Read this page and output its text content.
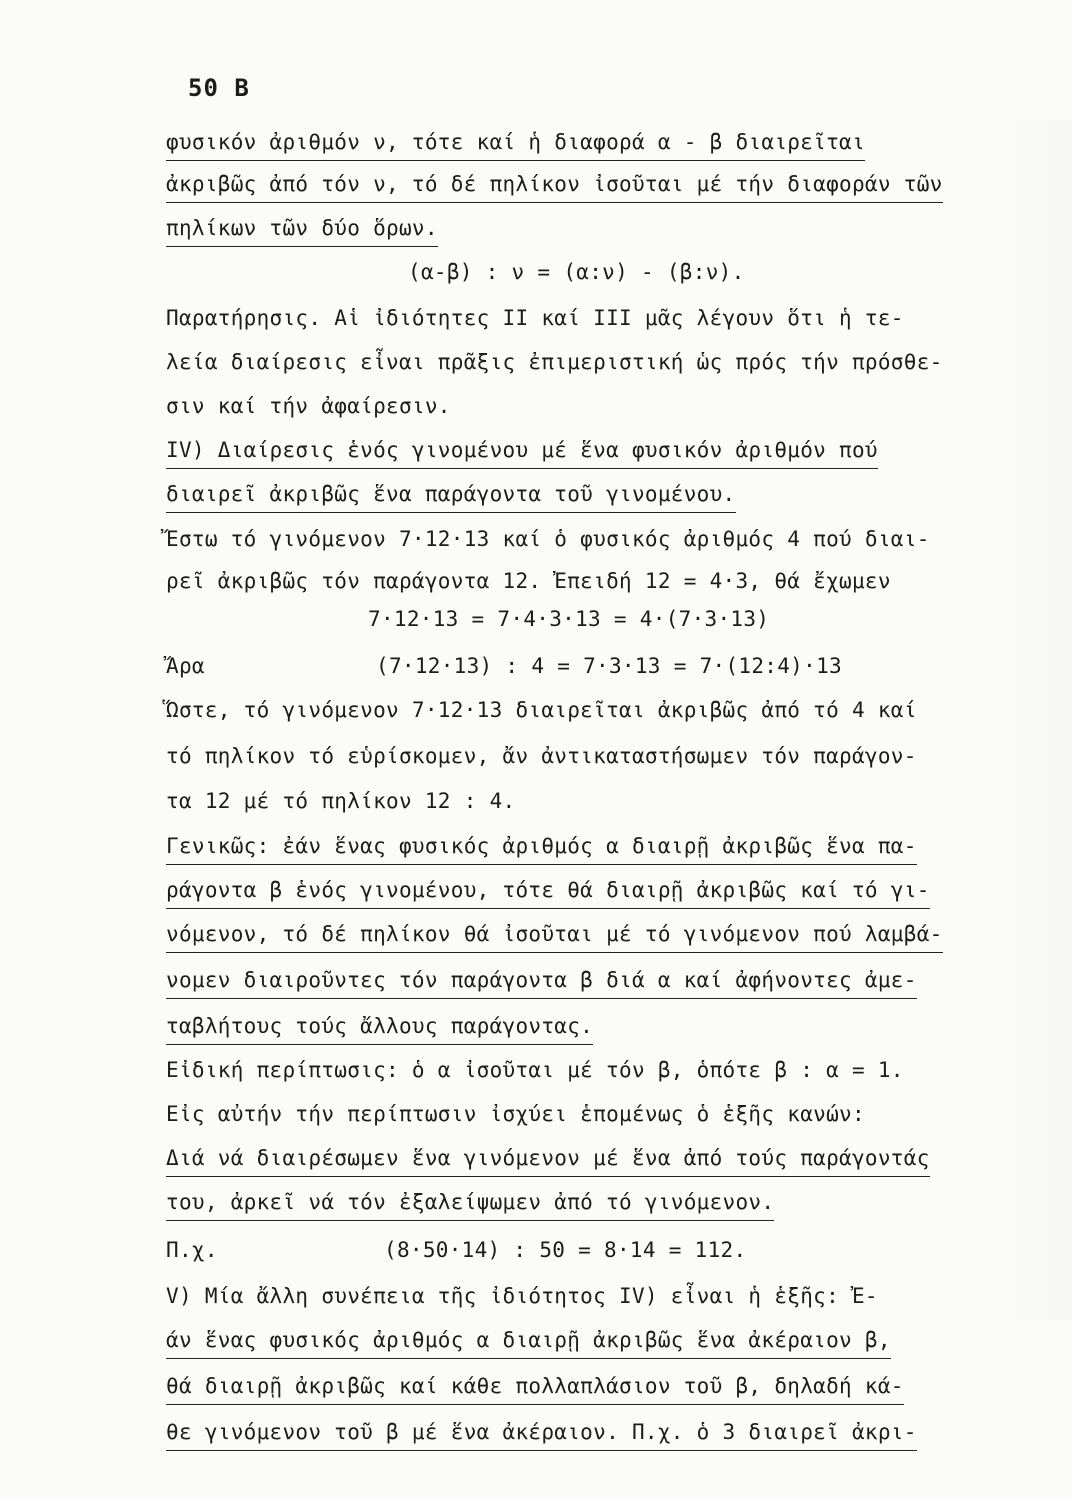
50 B
φυσικόν ἀριθμόν ν, τότε καί ἡ διαφορά α - β διαιρεῖται
ἀκριβῶς ἀπό τόν ν, τό δέ πηλίκον ἰσοῦται μέ τήν διαφοράν τῶν
πηλίκων τῶν δύο ὅρων.
(α-β) : ν = (α:ν) - (β:ν).
Παρατήρησις. Αἱ ἰδιότητες ΙΙ καί ΙΙΙ μᾶς λέγουν ὅτι ἡ τε-
λεία διαίρεσις εἶναι πρᾶξις ἐπιμεριστική ὡς πρός τήν πρόσθε-
σιν καί τήν ἀφαίρεσιν.
IV) Διαίρεσις ἑνός γινομένου μέ ἕνα φυσικόν ἀριθμόν πού
διαιρεῖ ἀκριβῶς ἕνα παράγοντα τοῦ γινομένου.
Ἔστω τό γινόμενον 7·12·13 καί ὁ φυσικός ἀριθμός 4 πού διαι-
ρεῖ ἀκριβῶς τόν παράγοντα 12. Ἐπειδή 12 = 4·3, θά ἔχωμεν
7·12·13 = 7·4·3·13 = 4·(7·3·13)
Ἄρα	(7·12·13) : 4 = 7·3·13 = 7·(12:4)·13
Ὥστε, τό γινόμενον 7·12·13 διαιρεῖται ἀκριβῶς ἀπό τό 4 καί
τό πηλίκον τό εὑρίσκομεν, ἄν ἀντικαταστήσωμεν τόν παράγον-
τα 12 μέ τό πηλίκον 12 : 4.
Γενικῶς: ἐάν ἕνας φυσικός ἀριθμός α διαιρῇ ἀκριβῶς ἕνα πα-
ράγοντα β ἑνός γινομένου, τότε θά διαιρῇ ἀκριβῶς καί τό γι-
νόμενον, τό δέ πηλίκον θά ἰσοῦται μέ τό γινόμενον πού λαμβά-
νομεν διαιροῦντες τόν παράγοντα β διά α καί ἀφήνοντες ἀμε-
ταβλήτους τούς ἄλλους παράγοντας.
Εἰδική περίπτωσις: ὁ α ἰσοῦται μέ τόν β, ὁπότε β : α = 1.
Εἰς αὐτήν τήν περίπτωσιν ἰσχύει ἑπομένως ὁ ἑξῆς κανών:
Διά νά διαιρέσωμεν ἕνα γινόμενον μέ ἕνα ἀπό τούς παράγοντάς
του, ἀρκεῖ νά τόν ἐξαλείψωμεν ἀπό τό γινόμενον.
Π.χ.	(8·50·14) : 50 = 8·14 = 112.
V) Μία ἄλλη συνέπεια τῆς ἰδιότητος IV) εἶναι ἡ ἑξῆς: Ἐ-
άν ἕνας φυσικός ἀριθμός α διαιρῇ ἀκριβῶς ἕνα ἀκέραιον β,
θά διαιρῇ ἀκριβῶς καί κάθε πολλαπλάσιον τοῦ β, δηλαδή κά-
θε γινόμενον τοῦ β μέ ἕνα ἀκέραιον. Π.χ. ὁ 3 διαιρεῖ ἀκρι-
